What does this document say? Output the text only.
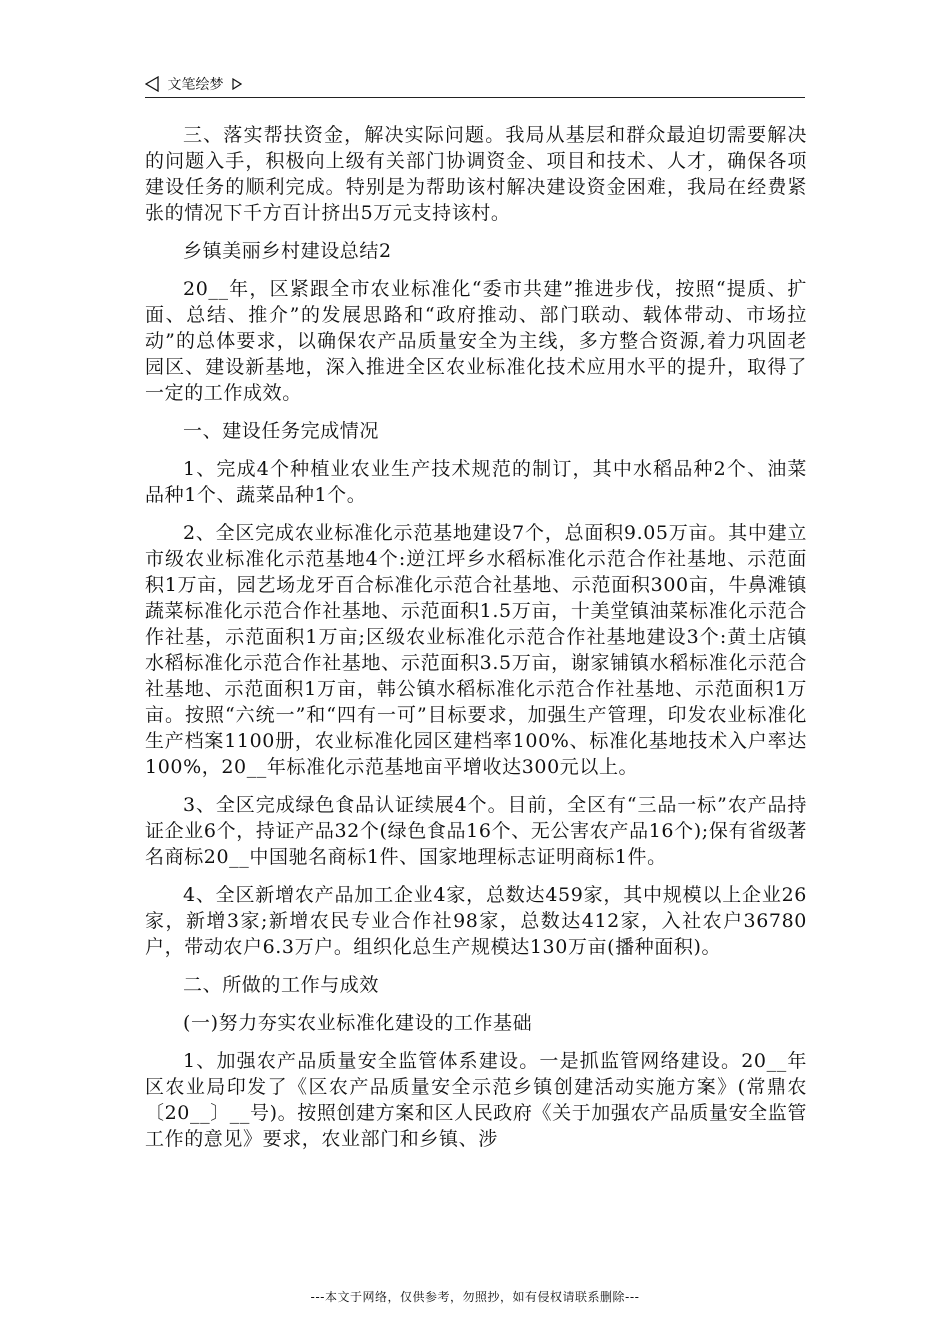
文笔绘梦

三、落实帮扶资金，解决实际问题。我局从基层和群众最迫切需要解决的问题入手，积极向上级有关部门协调资金、项目和技术、人才，确保各项建设任务的顺利完成。特别是为帮助该村解决建设资金困难，我局在经费紧张的情况下千方百计挤出5万元支持该村。

乡镇美丽乡村建设总结2

20__年，区紧跟全市农业标准化“委市共建”推进步伐，按照“提质、扩面、总结、推介”的发展思路和“政府推动、部门联动、载体带动、市场拉动”的总体要求，以确保农产品质量安全为主线，多方整合资源,着力巩固老园区、建设新基地，深入推进全区农业标准化技术应用水平的提升，取得了一定的工作成效。

一、建设任务完成情况

1、完成4个种植业农业生产技术规范的制订，其中水稻品种2个、油菜品种1个、蔬菜品种1个。

2、全区完成农业标准化示范基地建设7个，总面积9.05万亩。其中建立市级农业标准化示范基地4个:逆江坪乡水稻标准化示范合作社基地、示范面积1万亩，园艺场龙牙百合标准化示范合社基地、示范面积300亩，牛鼻滩镇蔬菜标准化示范合作社基地、示范面积1.5万亩，十美堂镇油菜标准化示范合作社基，示范面积1万亩;区级农业标准化示范合作社基地建设3个:黄土店镇水稻标准化示范合作社基地、示范面积3.5万亩，谢家铺镇水稻标准化示范合社基地、示范面积1万亩，韩公镇水稻标准化示范合作社基地、示范面积1万亩。按照“六统一”和“四有一可”目标要求，加强生产管理，印发农业标准化生产档案1100册，农业标准化园区建档率100%、标准化基地技术入户率达100%，20__年标准化示范基地亩平增收达300元以上。

3、全区完成绿色食品认证续展4个。目前，全区有“三品一标”农产品持证企业6个，持证产品32个(绿色食品16个、无公害农产品16个);保有省级著名商标20__中国驰名商标1件、国家地理标志证明商标1件。

4、全区新增农产品加工企业4家，总数达459家，其中规模以上企业26家，新增3家;新增农民专业合作社98家，总数达412家，入社农户36780户，带动农户6.3万户。组织化总生产规模达130万亩(播种面积)。

二、所做的工作与成效

(一)努力夯实农业标准化建设的工作基础

1、加强农产品质量安全监管体系建设。一是抓监管网络建设。20__年区农业局印发了《区农产品质量安全示范乡镇创建活动实施方案》(常鼎农〔20__〕__号)。按照创建方案和区人民政府《关于加强农产品质量安全监管工作的意见》要求，农业部门和乡镇、涉

---本文于网络，仅供参考，勿照抄，如有侵权请联系删除---
